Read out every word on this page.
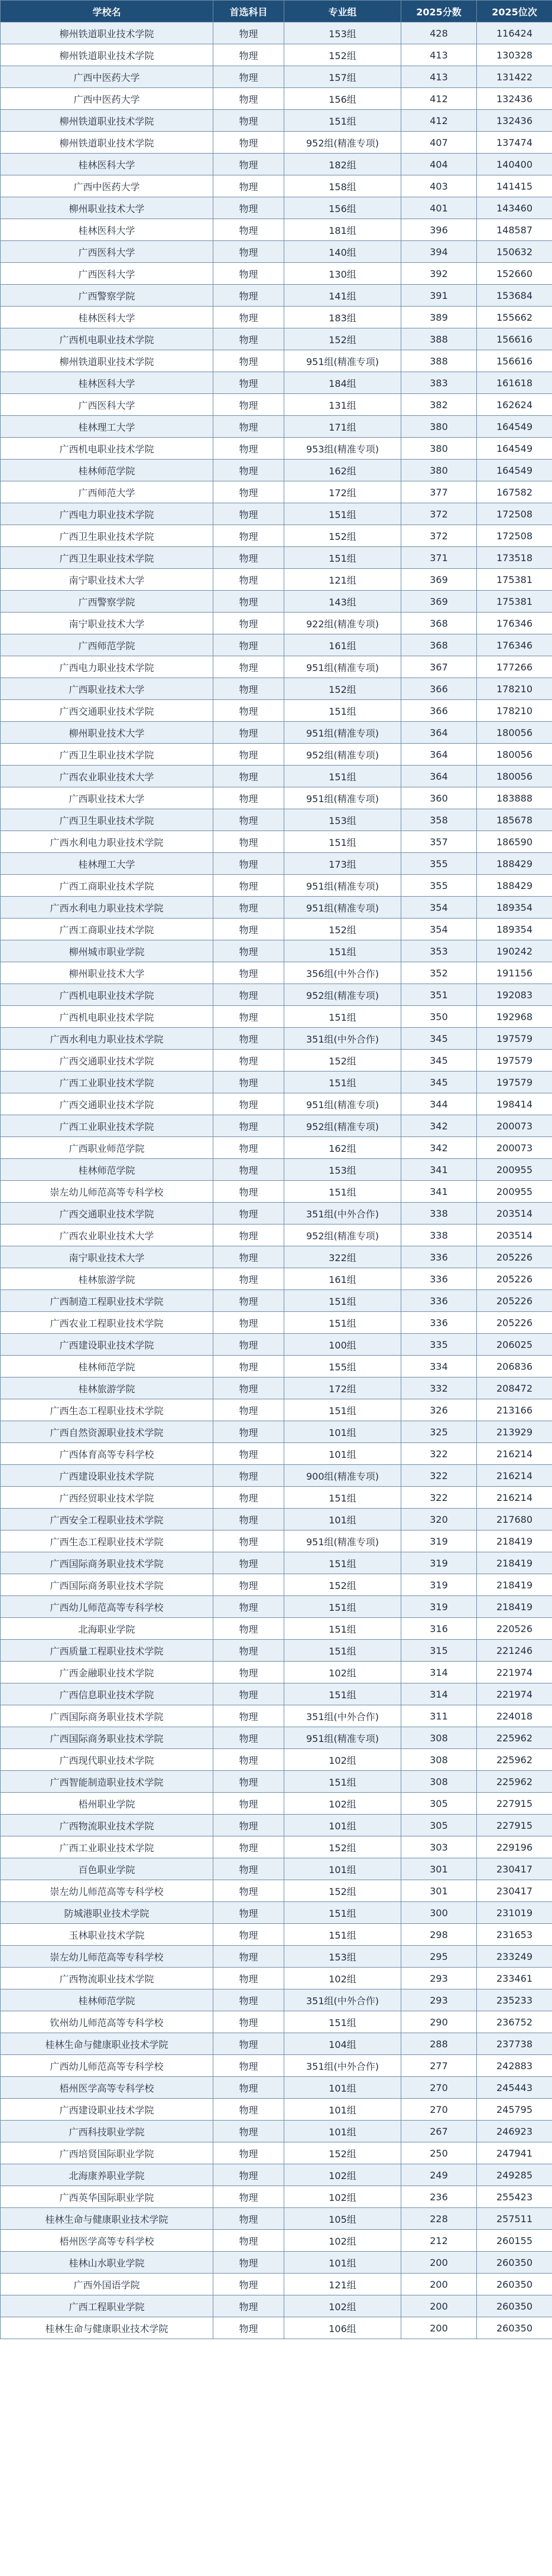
学校名	首选科目	专业组	2025分数	2025位次
柳州铁道职业技术学院	物理	153组	428	116424
柳州铁道职业技术学院	物理	152组	413	130328
广西中医药大学	物理	157组	413	131422
广西中医药大学	物理	156组	412	132436
柳州铁道职业技术学院	物理	151组	412	132436
柳州铁道职业技术学院	物理	952组(精准专项)	407	137474
桂林医科大学	物理	182组	404	140400
广西中医药大学	物理	158组	403	141415
柳州职业技术大学	物理	156组	401	143460
桂林医科大学	物理	181组	396	148587
广西医科大学	物理	140组	394	150632
广西医科大学	物理	130组	392	152660
广西警察学院	物理	141组	391	153684
桂林医科大学	物理	183组	389	155662
广西机电职业技术学院	物理	152组	388	156616
柳州铁道职业技术学院	物理	951组(精准专项)	388	156616
桂林医科大学	物理	184组	383	161618
广西医科大学	物理	131组	382	162624
桂林理工大学	物理	171组	380	164549
广西机电职业技术学院	物理	953组(精准专项)	380	164549
桂林师范学院	物理	162组	380	164549
广西师范大学	物理	172组	377	167582
广西电力职业技术学院	物理	151组	372	172508
广西卫生职业技术学院	物理	152组	372	172508
广西卫生职业技术学院	物理	151组	371	173518
南宁职业技术大学	物理	121组	369	175381
广西警察学院	物理	143组	369	175381
南宁职业技术大学	物理	922组(精准专项)	368	176346
广西师范学院	物理	161组	368	176346
广西电力职业技术学院	物理	951组(精准专项)	367	177266
广西职业技术大学	物理	152组	366	178210
广西交通职业技术学院	物理	151组	366	178210
柳州职业技术大学	物理	951组(精准专项)	364	180056
广西卫生职业技术学院	物理	952组(精准专项)	364	180056
广西农业职业技术大学	物理	151组	364	180056
广西职业技术大学	物理	951组(精准专项)	360	183888
广西卫生职业技术学院	物理	153组	358	185678
广西水利电力职业技术学院	物理	151组	357	186590
桂林理工大学	物理	173组	355	188429
广西工商职业技术学院	物理	951组(精准专项)	355	188429
广西水利电力职业技术学院	物理	951组(精准专项)	354	189354
广西工商职业技术学院	物理	152组	354	189354
柳州城市职业学院	物理	151组	353	190242
柳州职业技术大学	物理	356组(中外合作)	352	191156
广西机电职业技术学院	物理	952组(精准专项)	351	192083
广西机电职业技术学院	物理	151组	350	192968
广西水利电力职业技术学院	物理	351组(中外合作)	345	197579
广西交通职业技术学院	物理	152组	345	197579
广西工业职业技术学院	物理	151组	345	197579
广西交通职业技术学院	物理	951组(精准专项)	344	198414
广西工业职业技术学院	物理	952组(精准专项)	342	200073
广西职业师范学院	物理	162组	342	200073
桂林师范学院	物理	153组	341	200955
崇左幼儿师范高等专科学校	物理	151组	341	200955
广西交通职业技术学院	物理	351组(中外合作)	338	203514
广西农业职业技术大学	物理	952组(精准专项)	338	203514
南宁职业技术大学	物理	322组	336	205226
桂林旅游学院	物理	161组	336	205226
广西制造工程职业技术学院	物理	151组	336	205226
广西农业工程职业技术学院	物理	151组	336	205226
广西建设职业技术学院	物理	100组	335	206025
桂林师范学院	物理	155组	334	206836
桂林旅游学院	物理	172组	332	208472
广西生态工程职业技术学院	物理	151组	326	213166
广西自然资源职业技术学院	物理	101组	325	213929
广西体育高等专科学校	物理	101组	322	216214
广西建设职业技术学院	物理	900组(精准专项)	322	216214
广西经贸职业技术学院	物理	151组	322	216214
广西安全工程职业技术学院	物理	101组	320	217680
广西生态工程职业技术学院	物理	951组(精准专项)	319	218419
广西国际商务职业技术学院	物理	151组	319	218419
广西国际商务职业技术学院	物理	152组	319	218419
广西幼儿师范高等专科学校	物理	151组	319	218419
北海职业学院	物理	151组	316	220526
广西质量工程职业技术学院	物理	151组	315	221246
广西金融职业技术学院	物理	102组	314	221974
广西信息职业技术学院	物理	151组	314	221974
广西国际商务职业技术学院	物理	351组(中外合作)	311	224018
广西国际商务职业技术学院	物理	951组(精准专项)	308	225962
广西现代职业技术学院	物理	102组	308	225962
广西智能制造职业技术学院	物理	151组	308	225962
梧州职业学院	物理	102组	305	227915
广西物流职业技术学院	物理	101组	305	227915
广西工业职业技术学院	物理	152组	303	229196
百色职业学院	物理	101组	301	230417
崇左幼儿师范高等专科学校	物理	152组	301	230417
防城港职业技术学院	物理	151组	300	231019
玉林职业技术学院	物理	151组	298	231653
崇左幼儿师范高等专科学校	物理	153组	295	233249
广西物流职业技术学院	物理	102组	293	233461
桂林师范学院	物理	351组(中外合作)	293	235233
钦州幼儿师范高等专科学校	物理	151组	290	236752
桂林生命与健康职业技术学院	物理	104组	288	237738
广西幼儿师范高等专科学校	物理	351组(中外合作)	277	242883
梧州医学高等专科学校	物理	101组	270	245443
广西建设职业技术学院	物理	101组	270	245795
广西科技职业学院	物理	101组	267	246923
广西培贤国际职业学院	物理	152组	250	247941
北海康养职业学院	物理	102组	249	249285
广西英华国际职业学院	物理	102组	236	255423
桂林生命与健康职业技术学院	物理	105组	228	257511
梧州医学高等专科学校	物理	102组	212	260155
桂林山水职业学院	物理	101组	200	260350
广西外国语学院	物理	121组	200	260350
广西工程职业学院	物理	102组	200	260350
桂林生命与健康职业技术学院	物理	106组	200	260350
